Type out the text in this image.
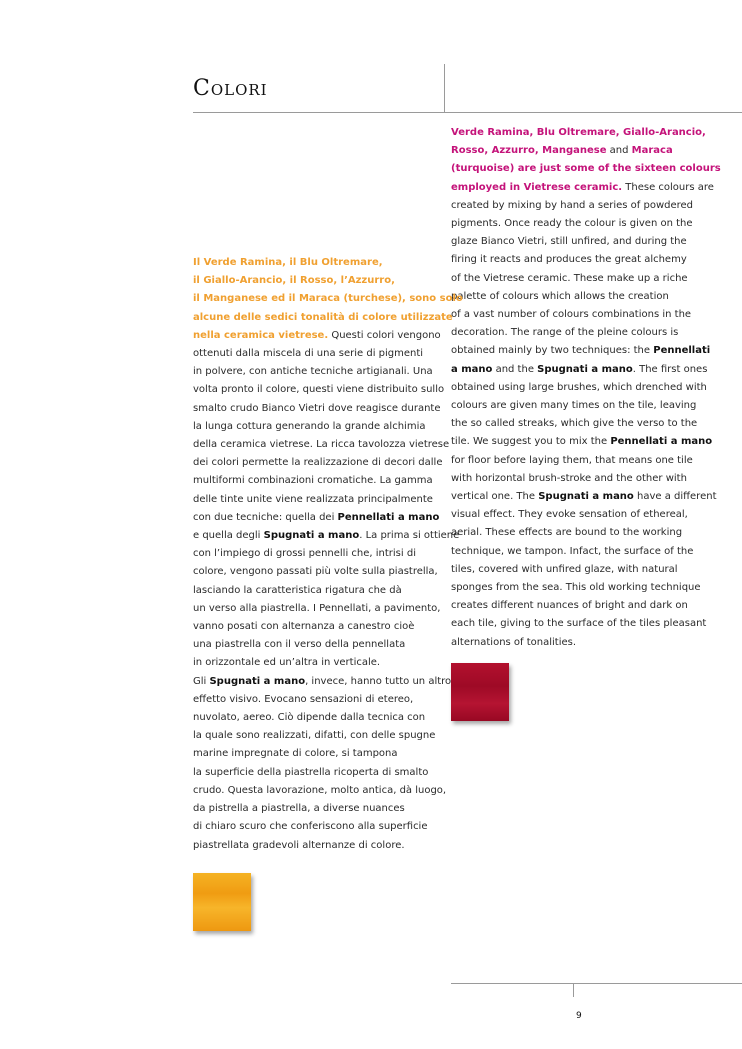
Colori
Verde Ramina, Blu Oltremare, Giallo-Arancio,
Rosso, Azzurro, Manganese and Maraca
(turquoise) are just some of the sixteen colours
employed in Vietrese ceramic. These colours are
created by mixing by hand a series of powdered
pigments. Once ready the colour is given on the
glaze Bianco Vietri, still unfired, and during the
firing it reacts and produces the great alchemy
of the Vietrese ceramic. These make up a riche
palette of colours which allows the creation
of a vast number of colours combinations in the
decoration. The range of the pleine colours is
obtained mainly by two techniques: the Pennellati
a mano and the Spugnati a mano. The first ones
obtained using large brushes, which drenched with
colours are given many times on the tile, leaving
the so called streaks, which give the verso to the
tile. We suggest you to mix the Pennellati a mano
for floor before laying them, that means one tile
with horizontal brush-stroke and the other with
vertical one. The Spugnati a mano have a different
visual effect. They evoke sensation of ethereal,
aerial. These effects are bound to the working
technique, we tampon. Infact, the surface of the
tiles, covered with unfired glaze, with natural
sponges from the sea. This old working technique
creates different nuances of bright and dark on
each tile, giving to the surface of the tiles pleasant
alternations of tonalities.
Il Verde Ramina, il Blu Oltremare,
il Giallo-Arancio, il Rosso, l’Azzurro,
il Manganese ed il Maraca (turchese), sono solo
alcune delle sedici tonalità di colore utilizzate
nella ceramica vietrese. Questi colori vengono
ottenuti dalla miscela di una serie di pigmenti
in polvere, con antiche tecniche artigianali. Una
volta pronto il colore, questi viene distribuito sullo
smalto crudo Bianco Vietri dove reagisce durante
la lunga cottura generando la grande alchimia
della ceramica vietrese. La ricca tavolozza vietrese
dei colori permette la realizzazione di decori dalle
multiformi combinazioni cromatiche. La gamma
delle tinte unite viene realizzata principalmente
con due tecniche: quella dei Pennellati a mano
e quella degli Spugnati a mano. La prima si ottiene
con l’impiego di grossi pennelli che, intrisi di
colore, vengono passati più volte sulla piastrella,
lasciando la caratteristica rigatura che dà
un verso alla piastrella. I Pennellati, a pavimento,
vanno posati con alternanza a canestro cioè
una piastrella con il verso della pennellata
in orizzontale ed un’altra in verticale.
Gli Spugnati a mano, invece, hanno tutto un altro
effetto visivo. Evocano sensazioni di etereo,
nuvolato, aereo. Ciò dipende dalla tecnica con
la quale sono realizzati, difatti, con delle spugne
marine impregnate di colore, si tampona
la superficie della piastrella ricoperta di smalto
crudo. Questa lavorazione, molto antica, dà luogo,
da pistrella a piastrella, a diverse nuances
di chiaro scuro che conferiscono alla superficie
piastrellata gradevoli alternanze di colore.
9
